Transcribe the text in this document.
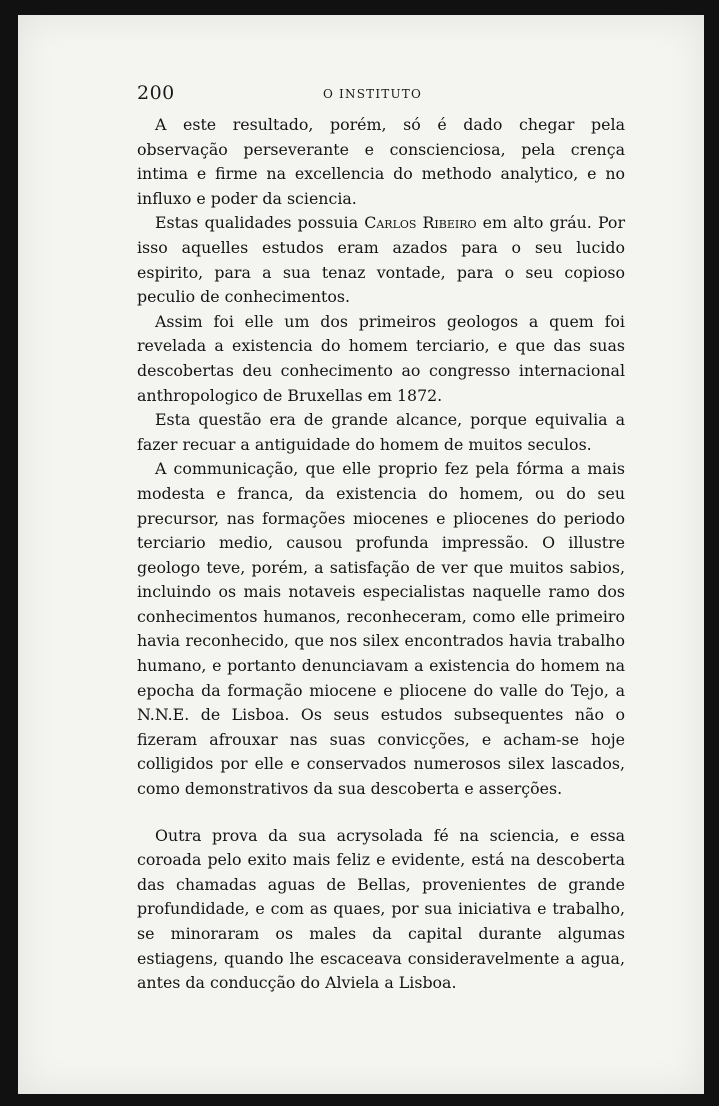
200	O INSTITUTO

A este resultado, porém, só é dado chegar pela observação perseverante e conscienciosa, pela crença intima e firme na excellencia do methodo analytico, e no influxo e poder da sciencia.

Estas qualidades possuia Carlos Ribeiro em alto gráu. Por isso aquelles estudos eram azados para o seu lucido espirito, para a sua tenaz vontade, para o seu copioso peculio de conhecimentos.

Assim foi elle um dos primeiros geologos a quem foi revelada a existencia do homem terciario, e que das suas descobertas deu conhecimento ao congresso internacional anthropologico de Bruxellas em 1872.

Esta questão era de grande alcance, porque equivalia a fazer recuar a antiguidade do homem de muitos seculos.

A communicação, que elle proprio fez pela fórma a mais modesta e franca, da existencia do homem, ou do seu precursor, nas formações miocenes e pliocenes do periodo terciario medio, causou profunda impressão. O illustre geologo teve, porém, a satisfação de ver que muitos sabios, incluindo os mais notaveis especialistas naquelle ramo dos conhecimentos humanos, reconheceram, como elle primeiro havia reconhecido, que nos silex encontrados havia trabalho humano, e portanto denunciavam a existencia do homem na epocha da formação miocene e pliocene do valle do Tejo, a N.N.E. de Lisboa. Os seus estudos subsequentes não o fizeram afrouxar nas suas convicções, e acham-se hoje colligidos por elle e conservados numerosos silex lascados, como demonstrativos da sua descoberta e asserções.

Outra prova da sua acrysolada fé na sciencia, e essa coroada pelo exito mais feliz e evidente, está na descoberta das chamadas aguas de Bellas, provenientes de grande profundidade, e com as quaes, por sua iniciativa e trabalho, se minoraram os males da capital durante algumas estiagens, quando lhe escaceava consideravelmente a agua, antes da conducção do Alviela a Lisboa.
